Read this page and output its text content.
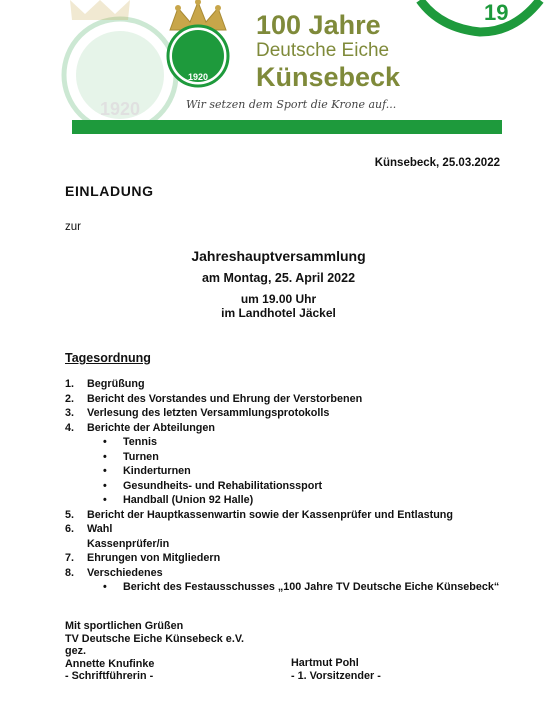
1920
1920
19
100 Jahre
Deutsche Eiche
Künsebeck
Wir setzen dem Sport die Krone auf...
Künsebeck, 25.03.2022
EINLADUNG
zur
Jahreshauptversammlung
am Montag, 25. April 2022
um 19.00 Uhr
im Landhotel Jäckel
Tagesordnung
1. Begrüßung
2. Bericht des Vorstandes und Ehrung der Verstorbenen
3. Verlesung des letzten Versammlungsprotokolls
4. Berichte der Abteilungen
• Tennis
• Turnen
• Kinderturnen
• Gesundheits- und Rehabilitationssport
• Handball (Union 92 Halle)
5. Bericht der Hauptkassenwartin sowie der Kassenprüfer und Entlastung
6. Wahl
Kassenprüfer/in
7. Ehrungen von Mitgliedern
8. Verschiedenes
• Bericht des Festausschusses „100 Jahre TV Deutsche Eiche Künsebeck“
Mit sportlichen Grüßen
TV Deutsche Eiche Künsebeck e.V.
gez.
Annette Knufinke
- Schriftführerin -
Hartmut Pohl
- 1. Vorsitzender -
